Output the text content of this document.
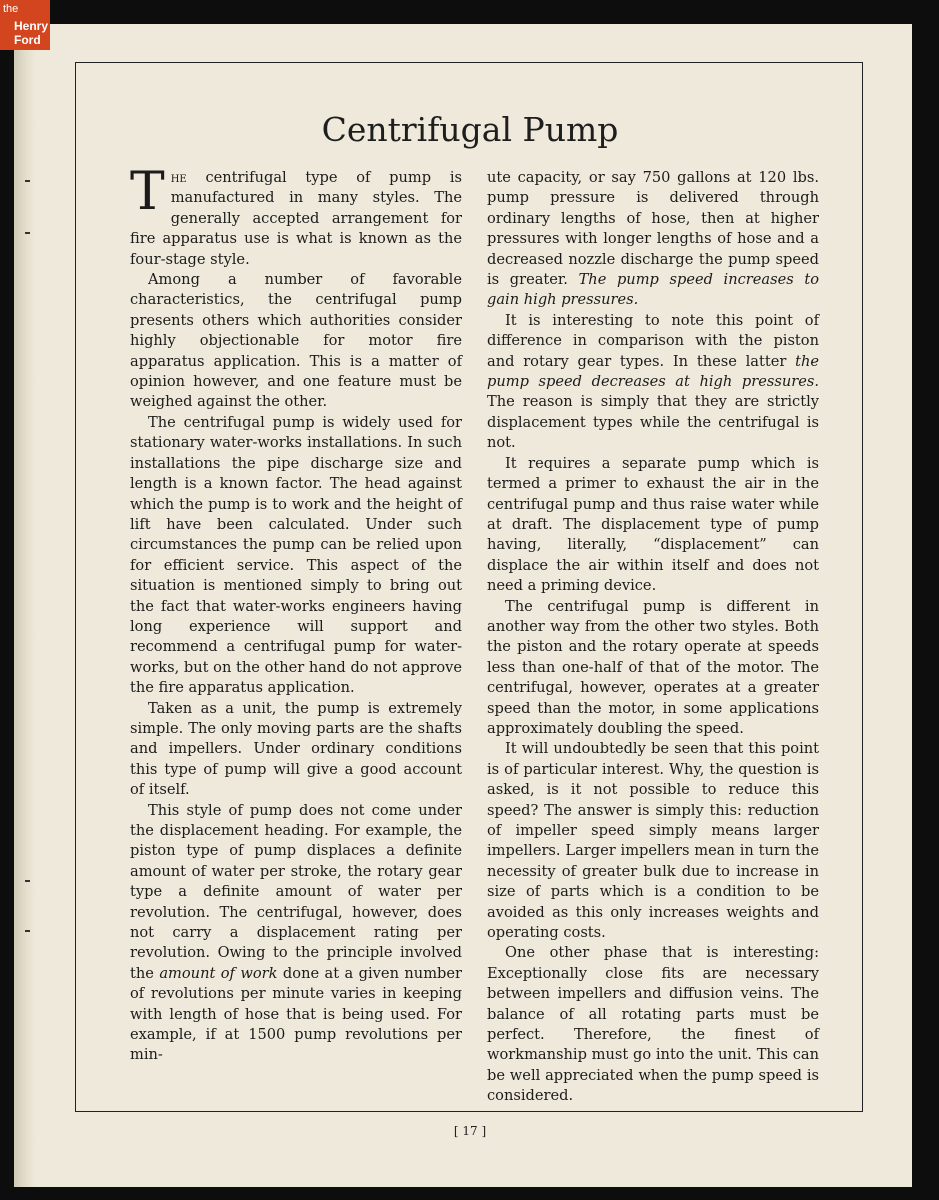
the
Henry
Ford
Centrifugal Pump

The centrifugal type of pump is manufactured in many styles. The generally accepted arrangement for fire apparatus use is what is known as the four-stage style.

Among a number of favorable characteristics, the centrifugal pump presents others which authorities consider highly objectionable for motor fire apparatus application. This is a matter of opinion however, and one feature must be weighed against the other.

The centrifugal pump is widely used for stationary water-works installations. In such installations the pipe discharge size and length is a known factor. The head against which the pump is to work and the height of lift have been calculated. Under such circumstances the pump can be relied upon for efficient service. This aspect of the situation is mentioned simply to bring out the fact that water-works engineers having long experience will support and recommend a centrifugal pump for water-works, but on the other hand do not approve the fire apparatus application.

Taken as a unit, the pump is extremely simple. The only moving parts are the shafts and impellers. Under ordinary conditions this type of pump will give a good account of itself.

This style of pump does not come under the displacement heading. For example, the piston type of pump displaces a definite amount of water per stroke, the rotary gear type a definite amount of water per revolution. The centrifugal, however, does not carry a displacement rating per revolution. Owing to the principle involved the amount of work done at a given number of revolutions per minute varies in keeping with length of hose that is being used. For example, if at 1500 pump revolutions per min-

ute capacity, or say 750 gallons at 120 lbs. pump pressure is delivered through ordinary lengths of hose, then at higher pressures with longer lengths of hose and a decreased nozzle discharge the pump speed is greater. The pump speed increases to gain high pressures.

It is interesting to note this point of difference in comparison with the piston and rotary gear types. In these latter the pump speed decreases at high pressures. The reason is simply that they are strictly displacement types while the centrifugal is not.

It requires a separate pump which is termed a primer to exhaust the air in the centrifugal pump and thus raise water while at draft. The displacement type of pump having, literally, “displacement” can displace the air within itself and does not need a priming device.

The centrifugal pump is different in another way from the other two styles. Both the piston and the rotary operate at speeds less than one-half of that of the motor. The centrifugal, however, operates at a greater speed than the motor, in some applications approximately doubling the speed.

It will undoubtedly be seen that this point is of particular interest. Why, the question is asked, is it not possible to reduce this speed? The answer is simply this: reduction of impeller speed simply means larger impellers. Larger impellers mean in turn the necessity of greater bulk due to increase in size of parts which is a condition to be avoided as this only increases weights and operating costs.

One other phase that is interesting: Exceptionally close fits are necessary between impellers and diffusion veins. The balance of all rotating parts must be perfect. Therefore, the finest of workmanship must go into the unit. This can be well appreciated when the pump speed is considered.

[ 17 ]
